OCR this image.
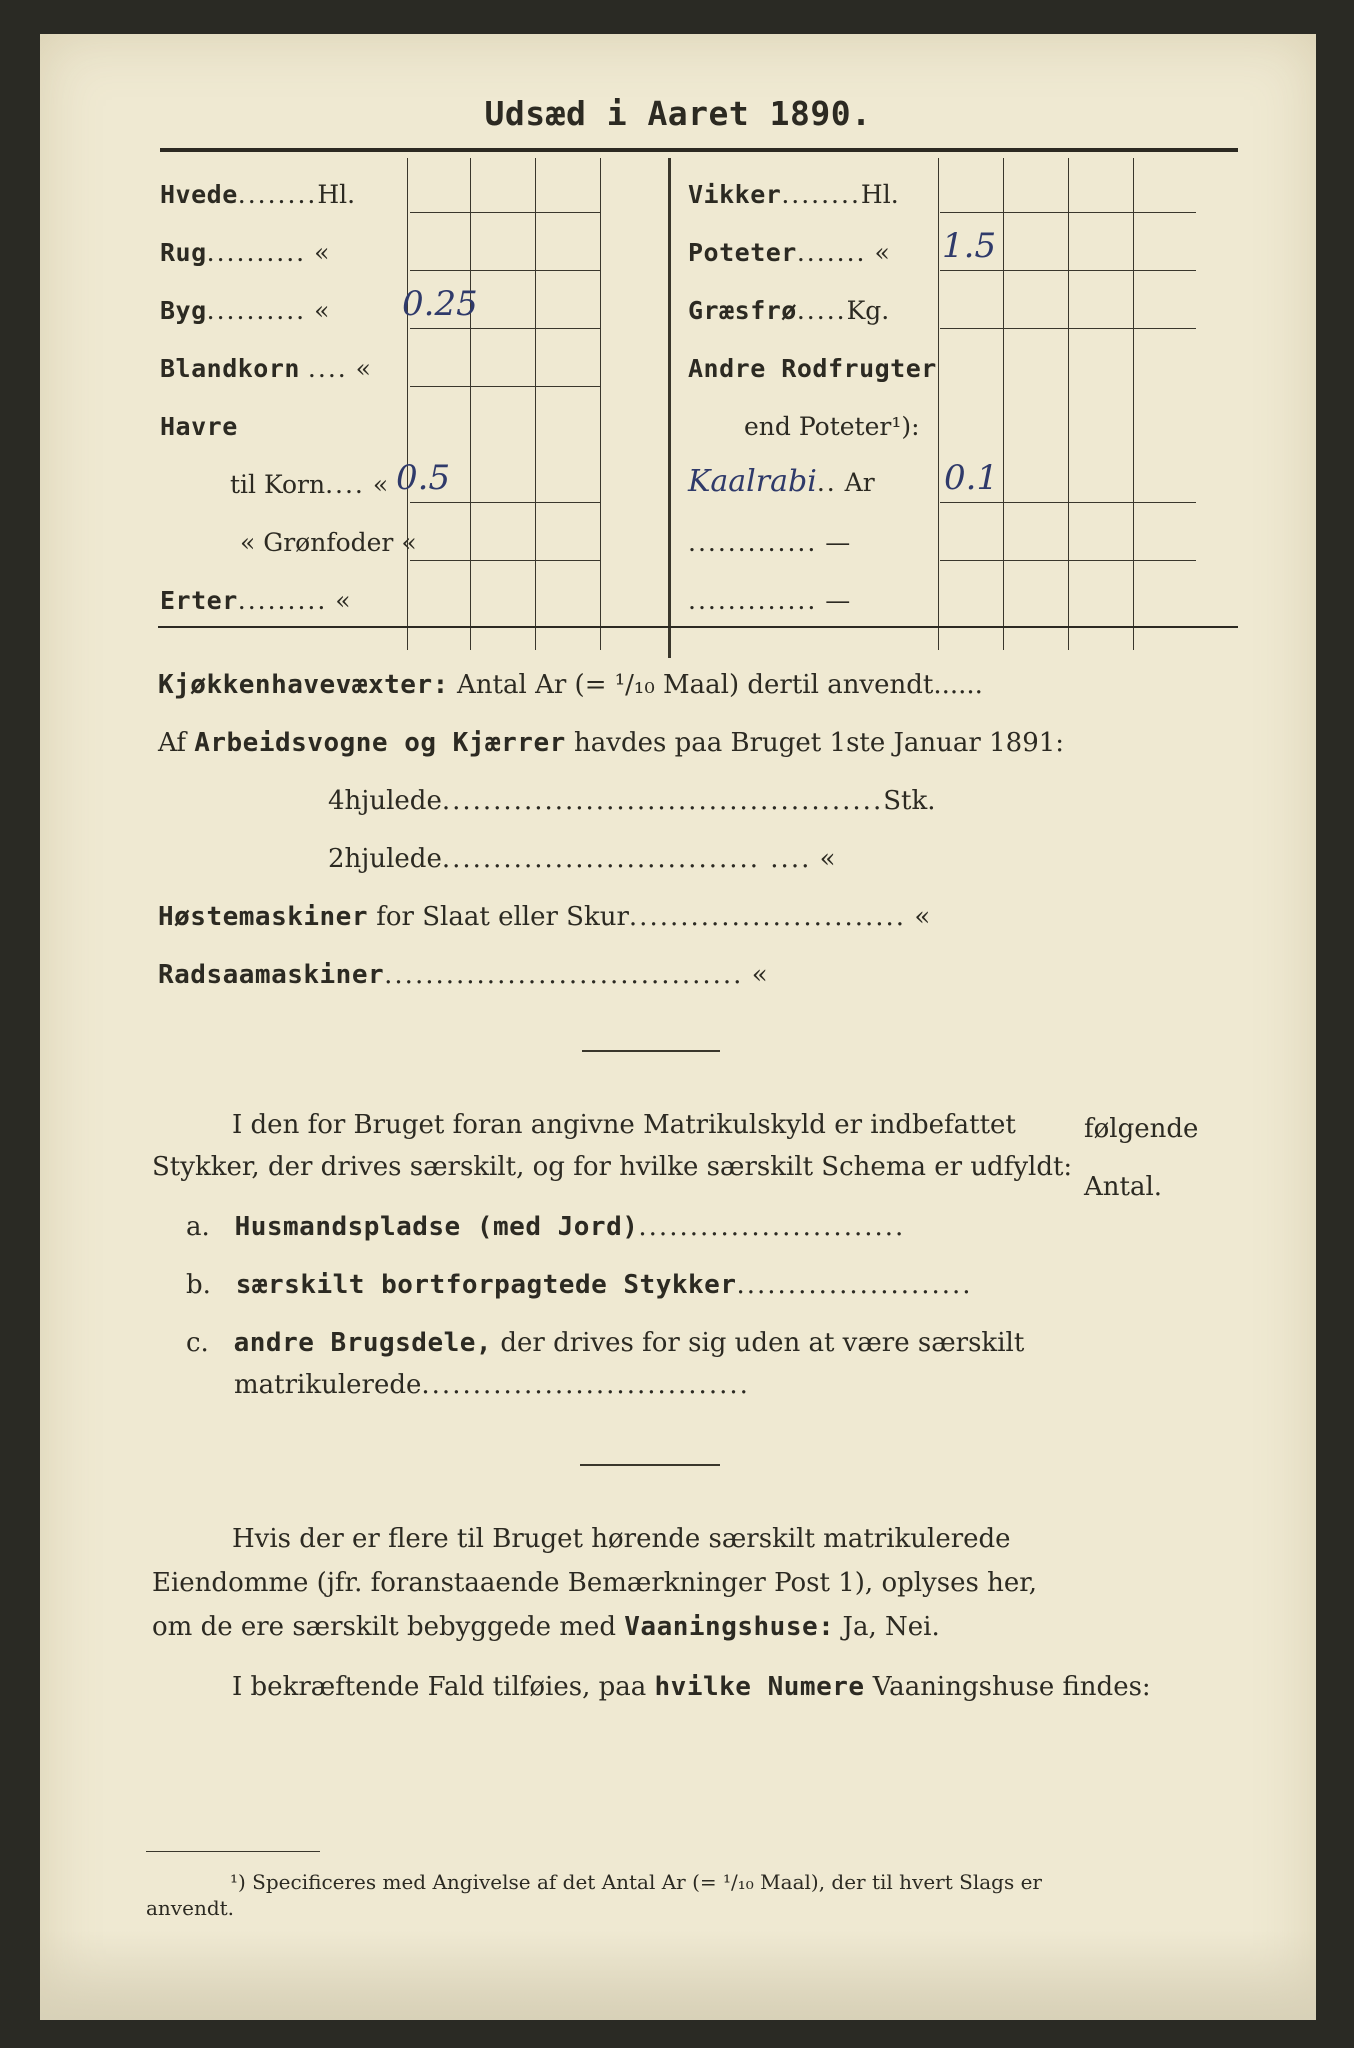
Udsæd i Aaret 1890.
Hvede........Hl.
Rug.......... «
Byg.......... «
Blandkorn .... «
Havre
til Korn.... «
« Grønfoder «
Erter......... «
0.25
0.5
Vikker........Hl.
Poteter....... «
Græsfrø.....Kg.
Andre Rodfrugter
end Poteter¹):
Kaalrabi.. Ar
............. —
............. —
1.5
0.1
Kjøkkenhavevæxter: Antal Ar (= ¹/₁₀ Maal) dertil anvendt......
Af Arbeidsvogne og Kjærrer havdes paa Bruget 1ste Januar 1891:
4hjulede...........................................Stk.
2hjulede............................... .... «
Høstemaskiner for Slaat eller Skur........................... «
Radsaamaskiner................................... «
I den for Bruget foran angivne Matrikulskyld er indbefattet	følgende
Stykker, der drives særskilt, og for hvilke særskilt Schema er udfyldt:
Antal.
a. Husmandspladse (med Jord)..........................
b. særskilt bortforpagtede Stykker.......................
c. andre Brugsdele, der drives for sig uden at være særskilt
matrikulerede................................
Hvis der er flere til Bruget hørende særskilt matrikulerede
Eiendomme (jfr. foranstaaende Bemærkninger Post 1), oplyses her,
om de ere særskilt bebyggede med Vaaningshuse: Ja, Nei.
I bekræftende Fald tilføies, paa hvilke Numere Vaaningshuse findes:
¹) Specificeres med Angivelse af det Antal Ar (= ¹/₁₀ Maal), der til hvert Slags er
anvendt.
